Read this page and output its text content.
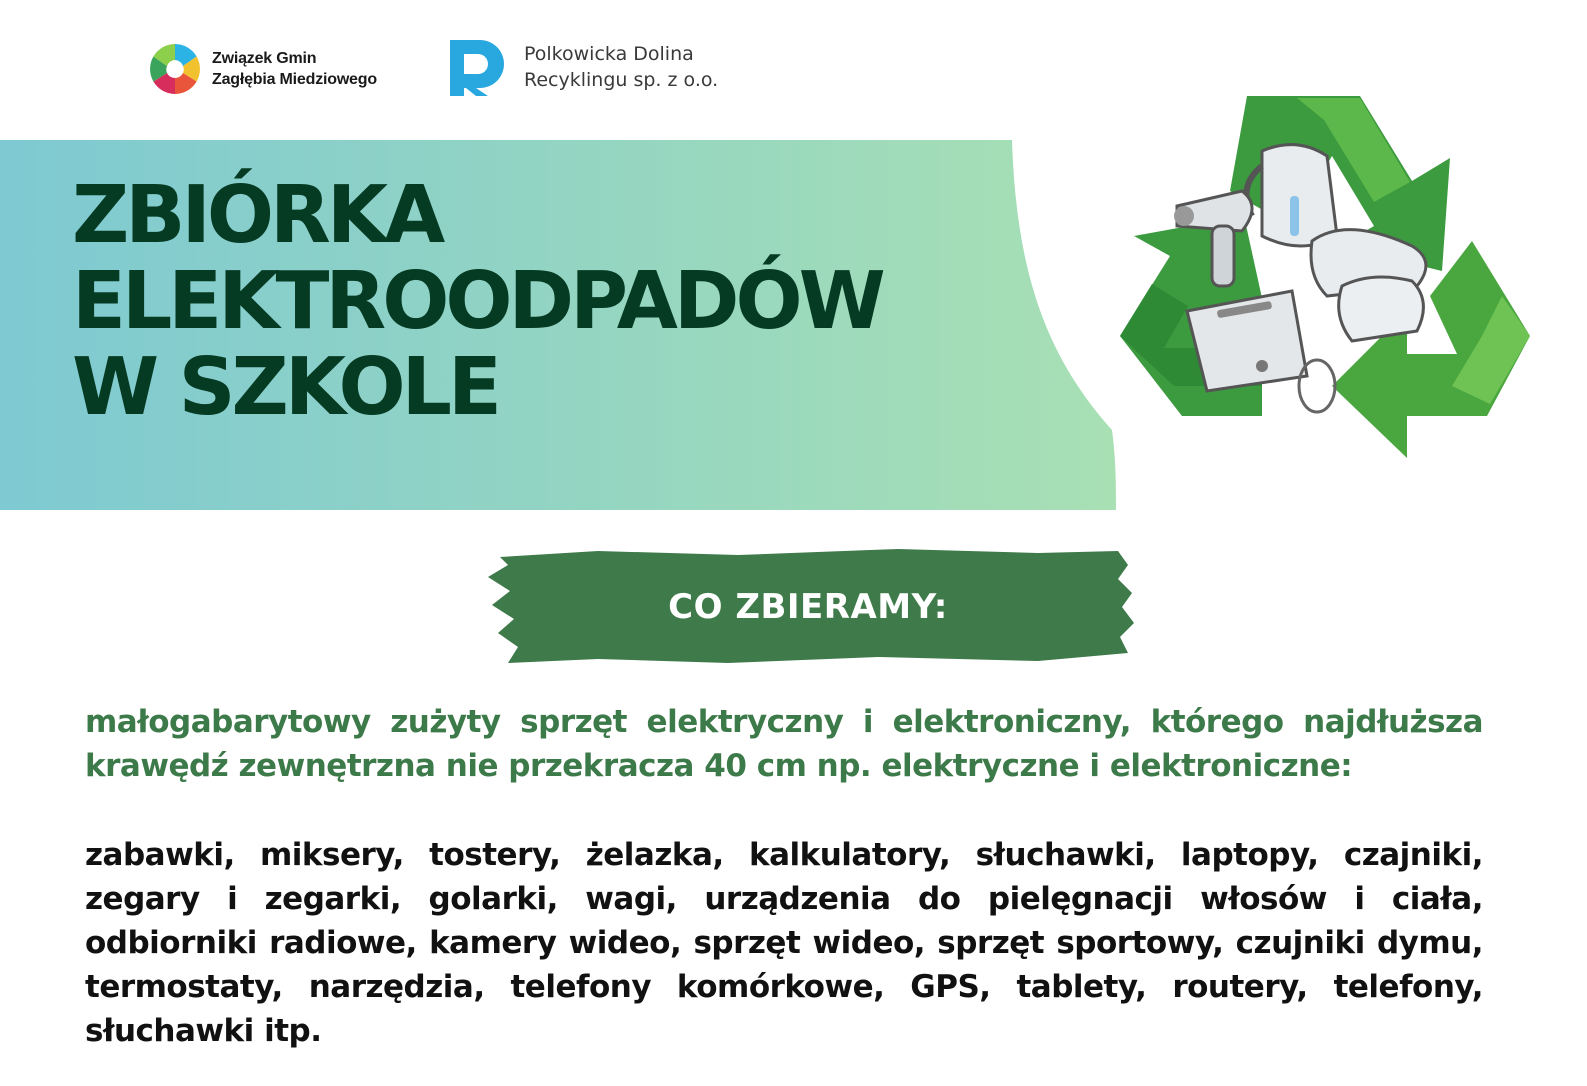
Związek Gmin
Zagłębia Miedziowego
Polkowicka Dolina
Recyklingu sp. z o.o.
ZBIÓRKA
ELEKTROODPADÓW
W SZKOLE
CO ZBIERAMY:

małogabarytowy zużyty sprzęt elektryczny i elektroniczny, którego najdłuższa krawędź zewnętrzna nie przekracza 40 cm np. elektryczne i elektroniczne:

zabawki, miksery, tostery, żelazka, kalkulatory, słuchawki, laptopy, czajniki, zegary i zegarki, golarki, wagi, urządzenia do pielęgnacji włosów i ciała, odbiorniki radiowe, kamery wideo, sprzęt wideo, sprzęt sportowy, czujniki dymu, termostaty, narzędzia, telefony komórkowe, GPS, tablety, routery, telefony, słuchawki itp.
